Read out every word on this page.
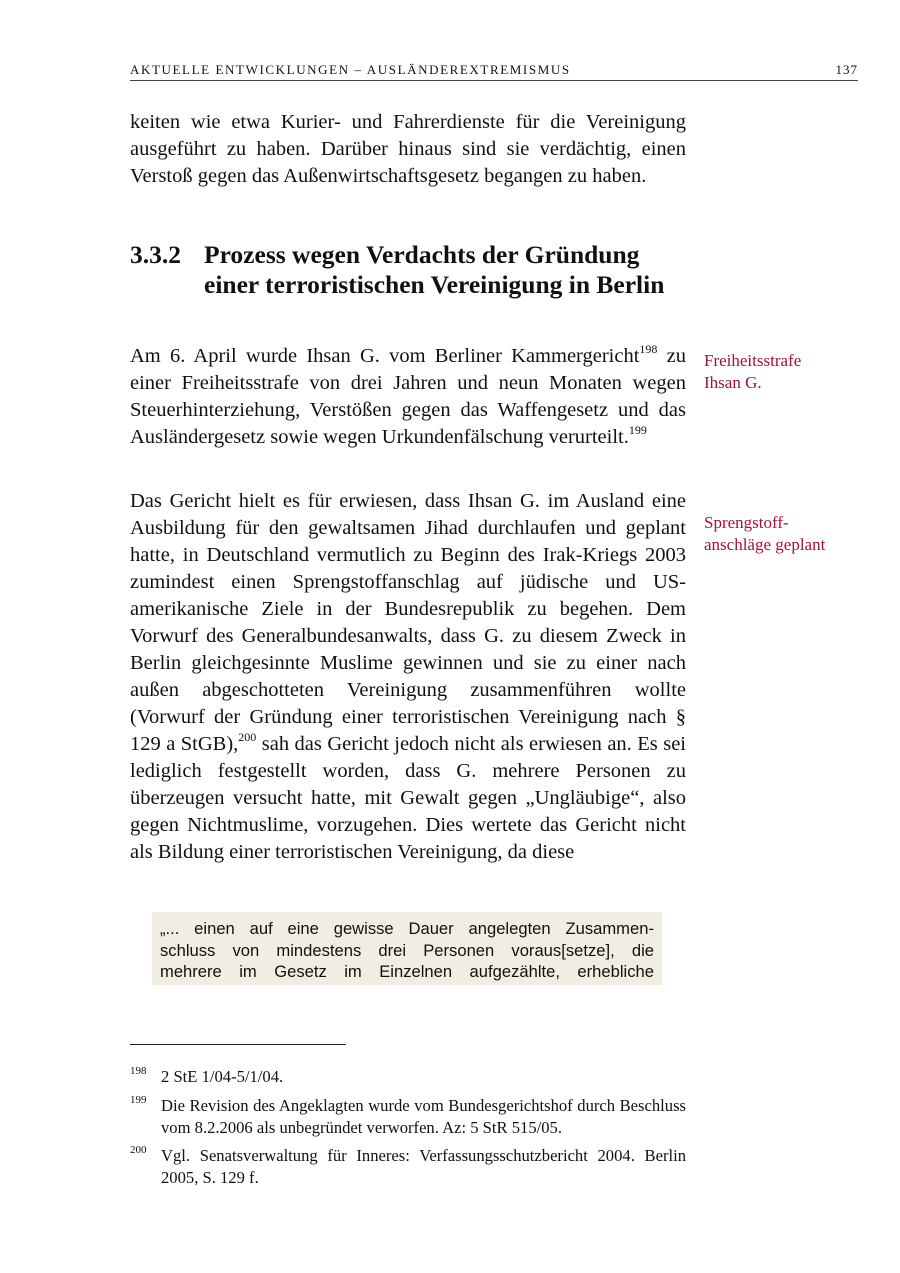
AKTUELLE ENTWICKLUNGEN – AUSLÄNDEREXTREMISMUS	137

keiten wie etwa Kurier- und Fahrerdienste für die Vereinigung ausgeführt zu haben. Darüber hinaus sind sie verdächtig, einen Verstoß gegen das Außenwirtschaftsgesetz begangen zu haben.

3.3.2 Prozess wegen Verdachts der Gründung einer terroristischen Vereinigung in Berlin

Am 6. April wurde Ihsan G. vom Berliner Kammergericht$^{198}$ zu einer Freiheitsstrafe von drei Jahren und neun Monaten wegen Steuerhinterziehung, Verstößen gegen das Waffengesetz und das Ausländergesetz sowie wegen Urkundenfälschung verurteilt.$^{199}$

Das Gericht hielt es für erwiesen, dass Ihsan G. im Ausland eine Ausbildung für den gewaltsamen Jihad durchlaufen und geplant hatte, in Deutschland vermutlich zu Beginn des Irak-Kriegs 2003 zumindest einen Sprengstoffanschlag auf jüdische und US-amerikanische Ziele in der Bundesrepublik zu begehen. Dem Vorwurf des Generalbundesanwalts, dass G. zu diesem Zweck in Berlin gleichgesinnte Muslime gewinnen und sie zu einer nach außen abgeschotteten Vereinigung zusammenführen wollte (Vorwurf der Gründung einer terroristischen Vereinigung nach § 129 a StGB),$^{200}$ sah das Gericht jedoch nicht als erwiesen an. Es sei lediglich festgestellt worden, dass G. mehrere Personen zu überzeugen versucht hatte, mit Gewalt gegen „Ungläubige“, also gegen Nichtmuslime, vorzugehen. Dies wertete das Gericht nicht als Bildung einer terroristischen Vereinigung, da diese

Freiheitsstrafe
Ihsan G.
Sprengstoff-
anschläge geplant
„... einen auf eine gewisse Dauer angelegten Zusammen-
schluss von mindestens drei Personen voraus[setze], die
mehrere im Gesetz im Einzelnen aufgezählte, erhebliche
198 2 StE 1/04-5/1/04.
199 Die Revision des Angeklagten wurde vom Bundesgerichtshof durch Beschluss vom 8.2.2006 als unbegründet verworfen. Az: 5 StR 515/05.
200 Vgl. Senatsverwaltung für Inneres: Verfassungsschutzbericht 2004. Berlin 2005, S. 129 f.
